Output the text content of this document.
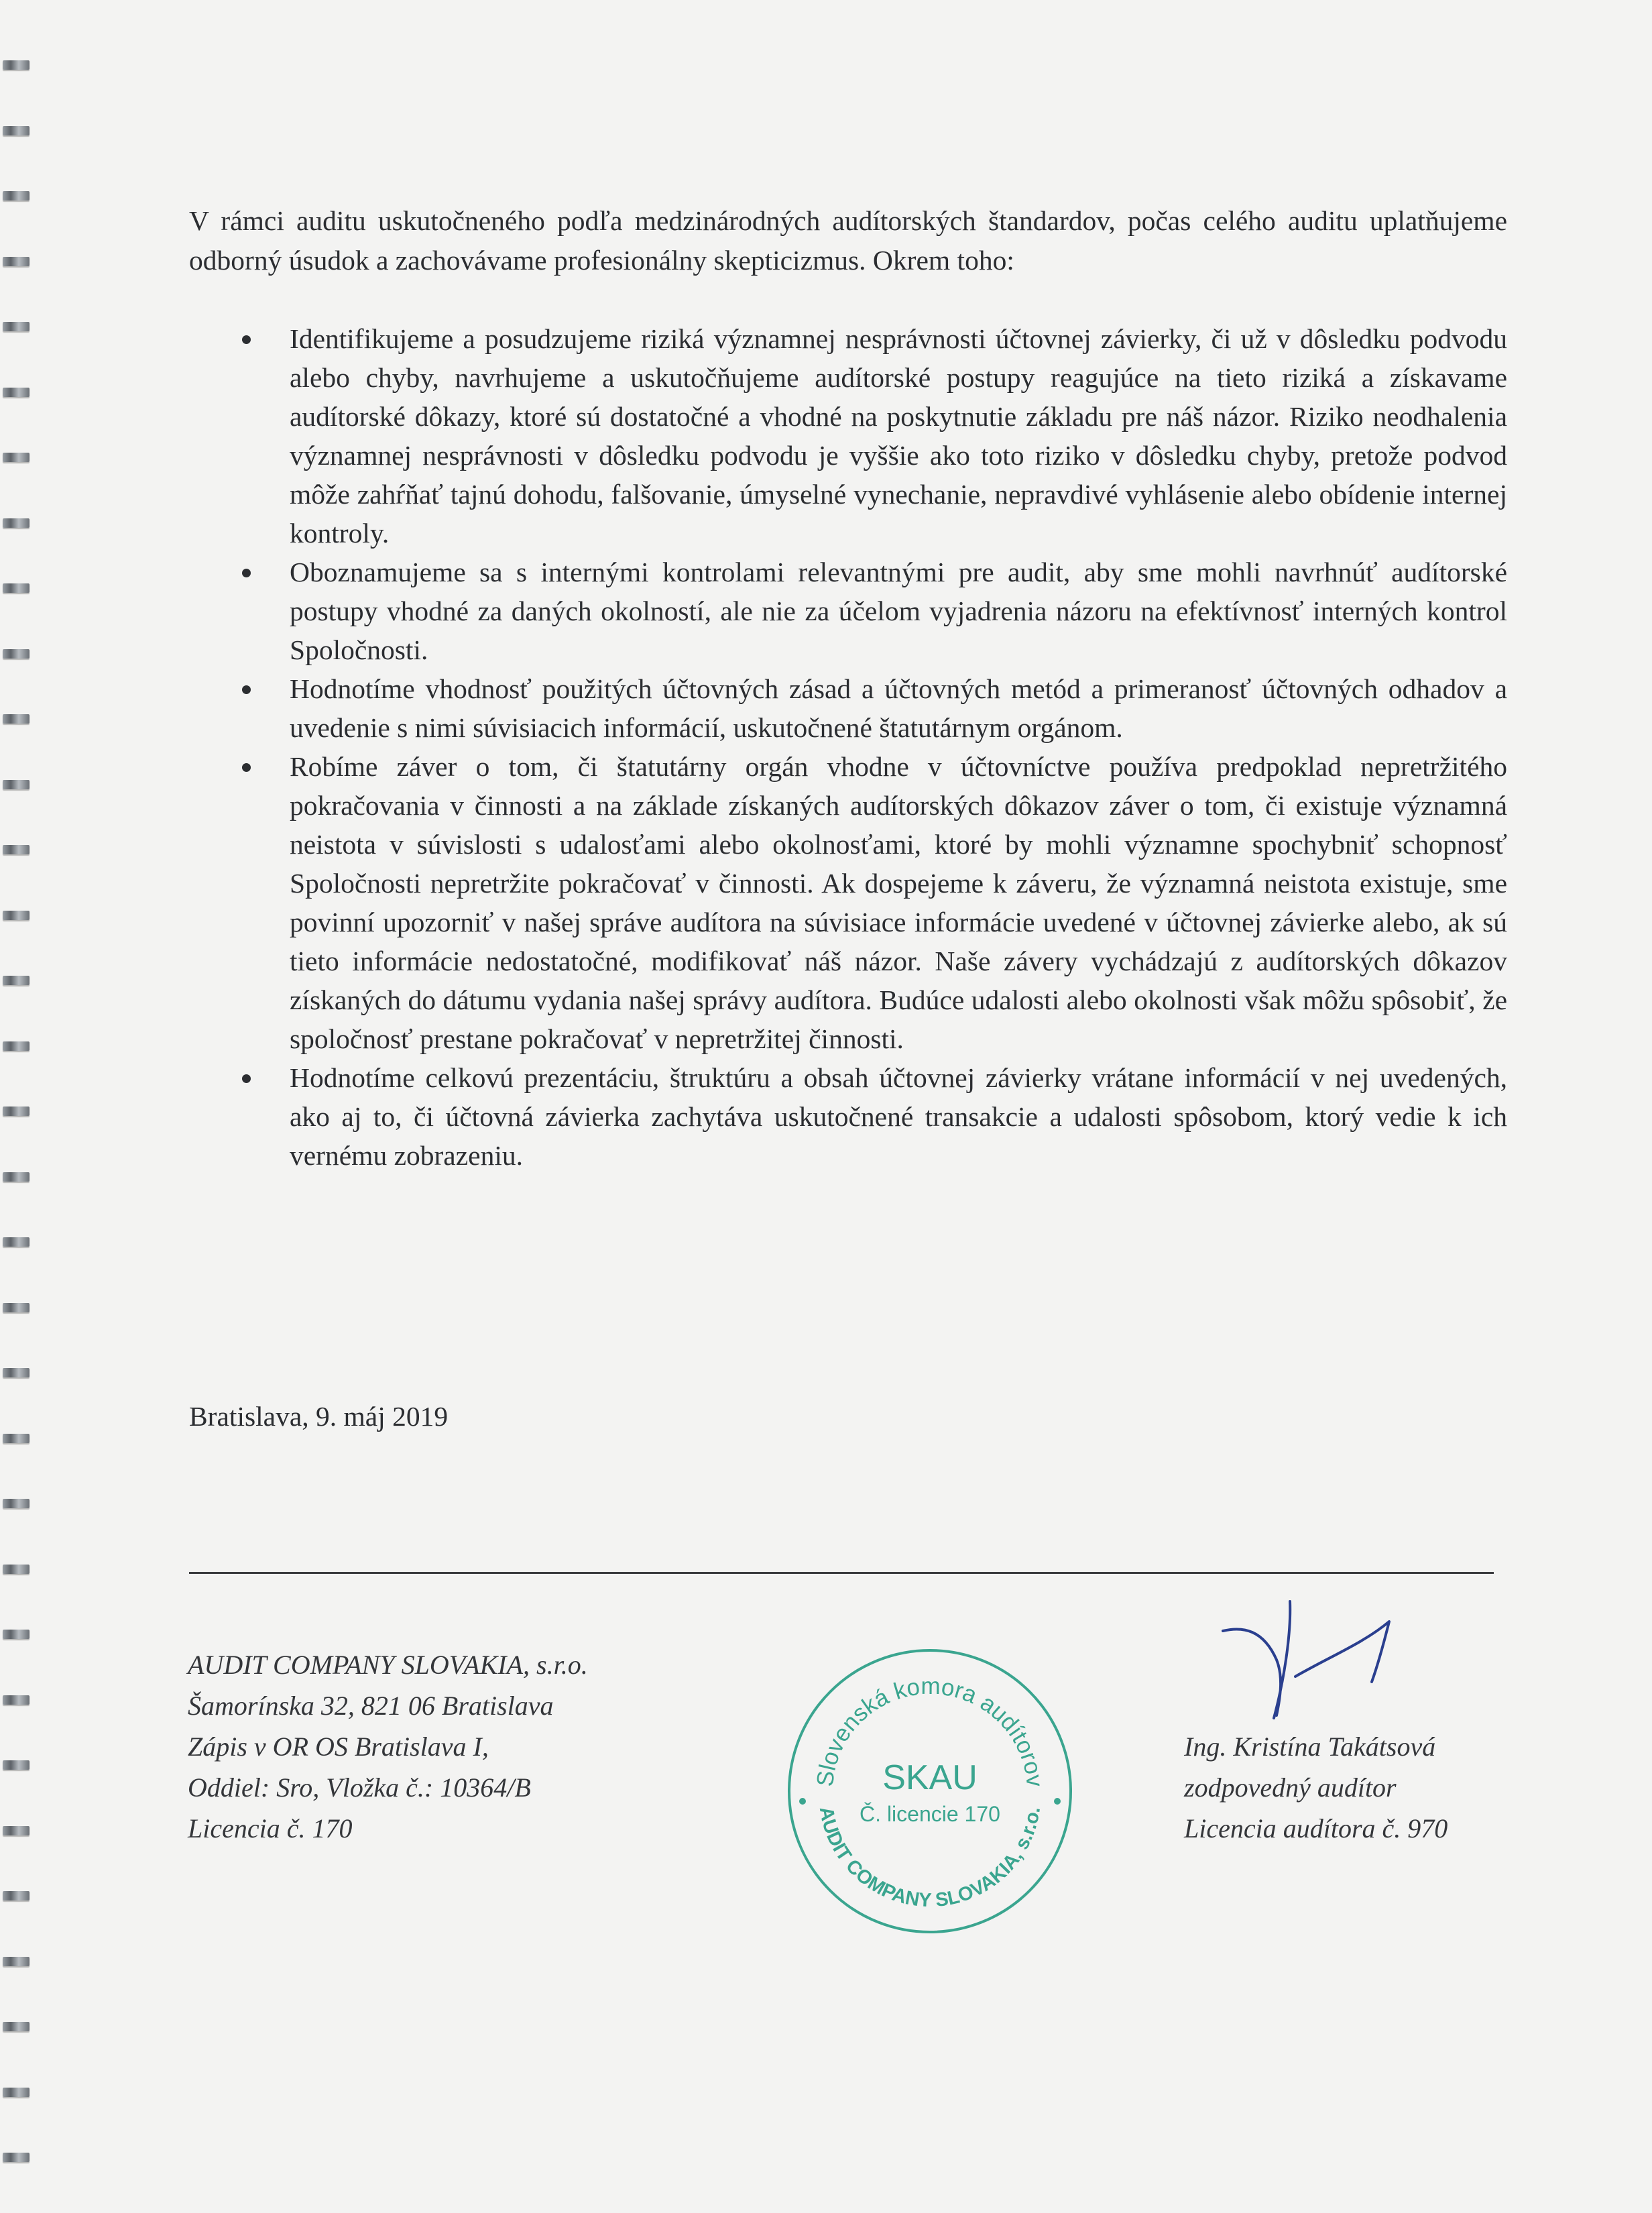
V rámci auditu uskutočneného podľa medzinárodných audítorských štandardov, počas celého auditu uplatňujeme odborný úsudok a zachovávame profesionálny skepticizmus. Okrem toho:

Identifikujeme a posudzujeme riziká významnej nesprávnosti účtovnej závierky, či už v dôsledku podvodu alebo chyby, navrhujeme a uskutočňujeme audítorské postupy reagujúce na tieto riziká a získavame audítorské dôkazy, ktoré sú dostatočné a vhodné na poskytnutie základu pre náš názor. Riziko neodhalenia významnej nesprávnosti v dôsledku podvodu je vyššie ako toto riziko v dôsledku chyby, pretože podvod môže zahŕňať tajnú dohodu, falšovanie, úmyselné vynechanie, nepravdivé vyhlásenie alebo obídenie internej kontroly.
Oboznamujeme sa s internými kontrolami relevantnými pre audit, aby sme mohli navrhnúť audítorské postupy vhodné za daných okolností, ale nie za účelom vyjadrenia názoru na efektívnosť interných kontrol Spoločnosti.
Hodnotíme vhodnosť použitých účtovných zásad a účtovných metód a primeranosť účtovných odhadov a uvedenie s nimi súvisiacich informácií, uskutočnené štatutárnym orgánom.
Robíme záver o tom, či štatutárny orgán vhodne v účtovníctve používa predpoklad nepretržitého pokračovania v činnosti a na základe získaných audítorských dôkazov záver o tom, či existuje významná neistota v súvislosti s udalosťami alebo okolnosťami, ktoré by mohli významne spochybniť schopnosť Spoločnosti nepretržite pokračovať v činnosti. Ak dospejeme k záveru, že významná neistota existuje, sme povinní upozorniť v našej správe audítora na súvisiace informácie uvedené v účtovnej závierke alebo, ak sú tieto informácie nedostatočné, modifikovať náš názor. Naše závery vychádzajú z audítorských dôkazov získaných do dátumu vydania našej správy audítora. Budúce udalosti alebo okolnosti však môžu spôsobiť, že spoločnosť prestane pokračovať v nepretržitej činnosti.
Hodnotíme celkovú prezentáciu, štruktúru a obsah účtovnej závierky vrátane informácií v nej uvedených, ako aj to, či účtovná závierka zachytáva uskutočnené transakcie a udalosti spôsobom, ktorý vedie k ich vernému zobrazeniu.
Bratislava, 9. máj 2019
AUDIT COMPANY SLOVAKIA, s.r.o.
Šamorínska 32, 821 06 Bratislava
Zápis v OR OS Bratislava I,
Oddiel: Sro, Vložka č.: 10364/B
Licencia č. 170
Slovenská komora audítorov
SKAU
Č. licencie 170
AUDIT COMPANY SLOVAKIA, s.r.o.
Ing. Kristína Takátsová
zodpovedný audítor
Licencia audítora č. 970
